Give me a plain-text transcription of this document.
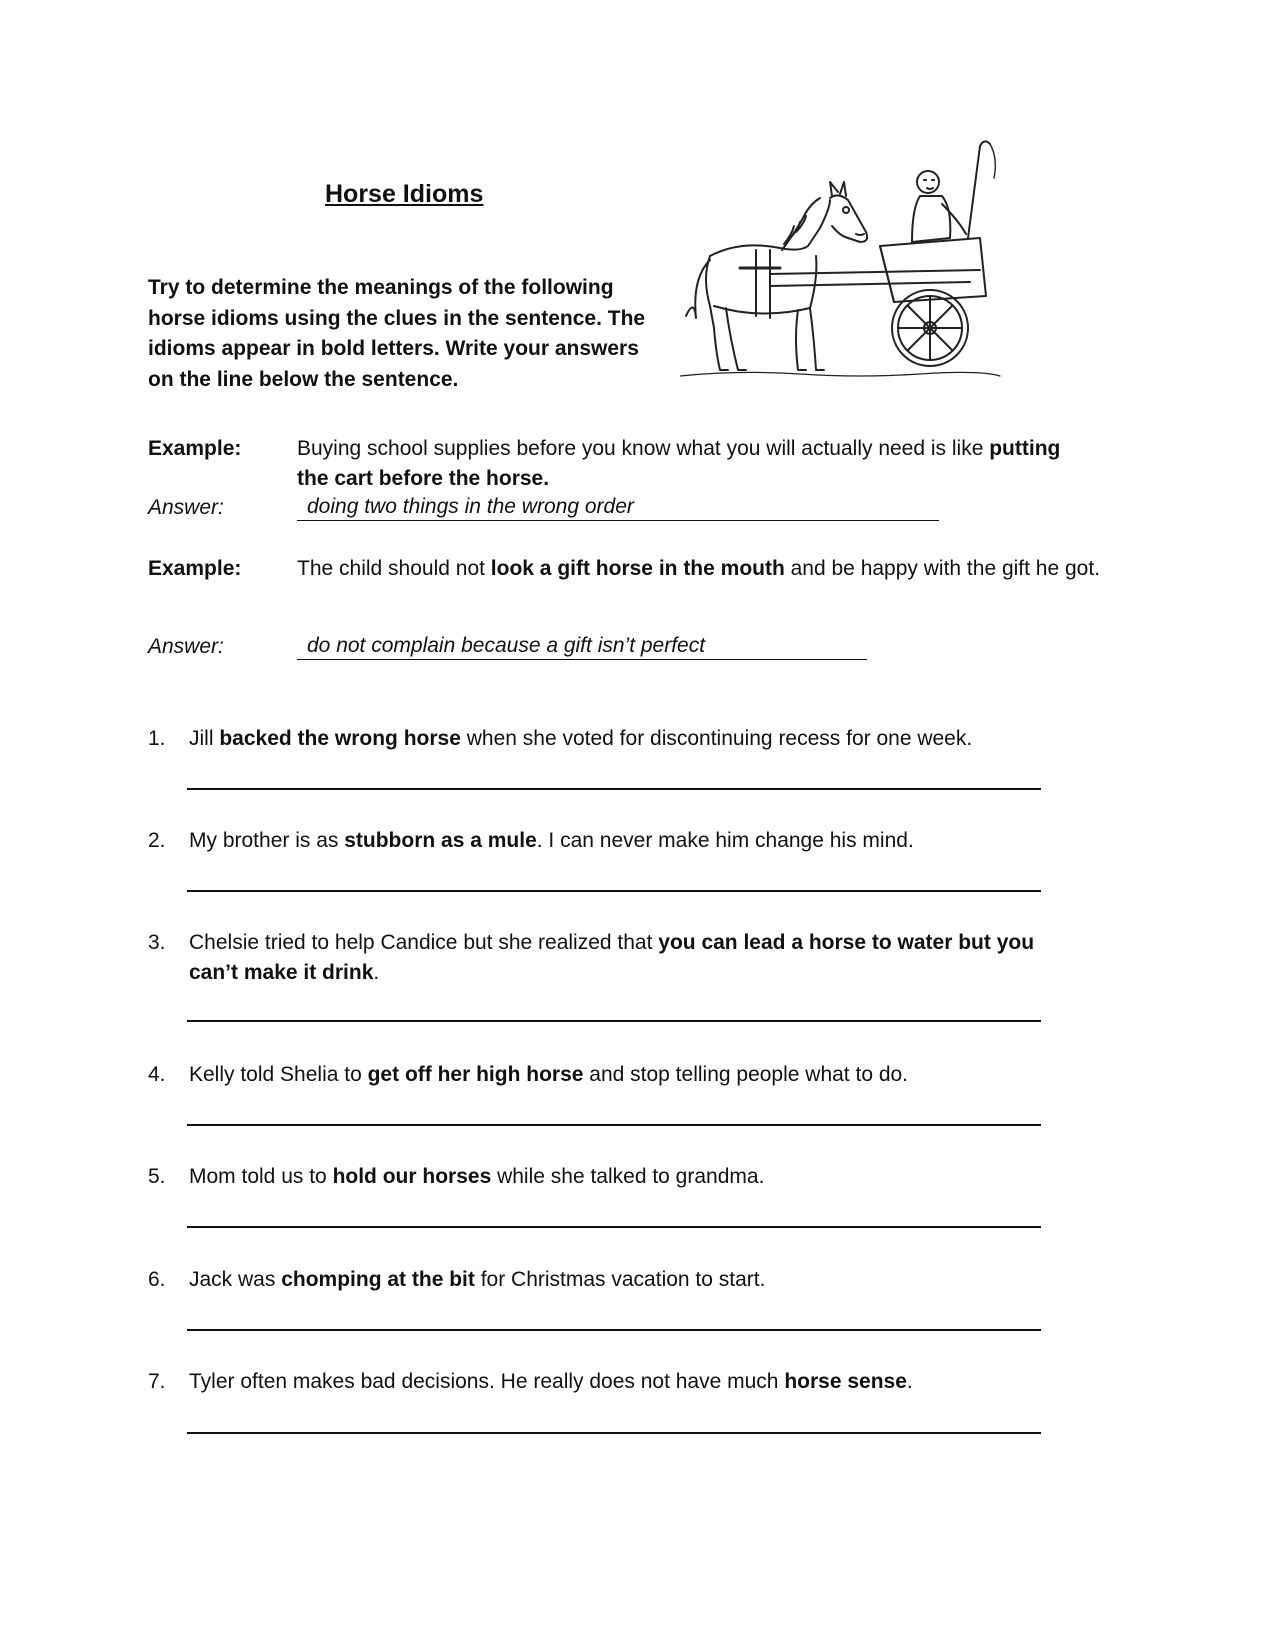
Horse Idioms
Try to determine the meanings of the following horse idioms using the clues in the sentence. The idioms appear in bold letters. Write your answers on the line below the sentence.
Example:	Buying school supplies before you know what you will actually need is like putting the cart before the horse.
Answer:	doing two things in the wrong order
Example:	The child should not look a gift horse in the mouth and be happy with the gift he got.
Answer:	do not complain because a gift isn’t perfect
1. Jill backed the wrong horse when she voted for discontinuing recess for one week.
2. My brother is as stubborn as a mule. I can never make him change his mind.
3. Chelsie tried to help Candice but she realized that you can lead a horse to water but you can’t make it drink.
4. Kelly told Shelia to get off her high horse and stop telling people what to do.
5. Mom told us to hold our horses while she talked to grandma.
6. Jack was chomping at the bit for Christmas vacation to start.
7. Tyler often makes bad decisions. He really does not have much horse sense.
